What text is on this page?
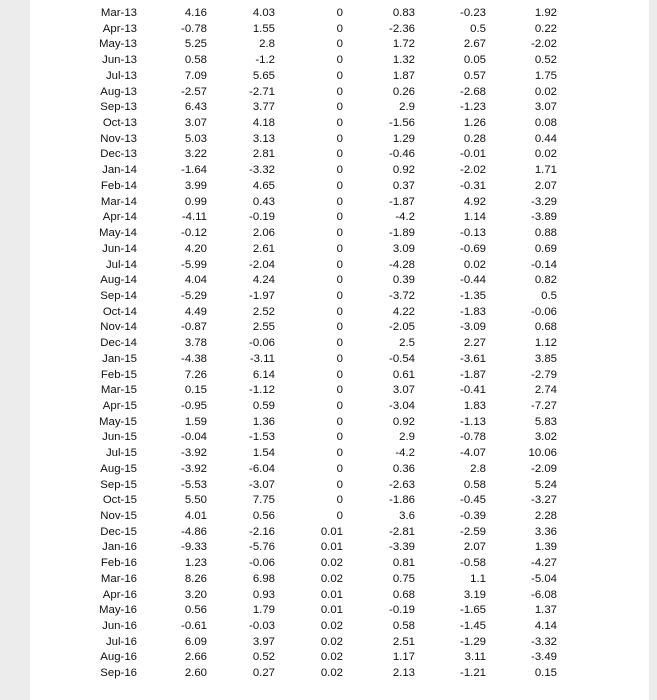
Mar-13	4.16	4.03	0	0.83	-0.23	1.92	
Apr-13	-0.78	1.55	0	-2.36	0.5	0.22	
May-13	5.25	2.8	0	1.72	2.67	-2.02	
Jun-13	0.58	-1.2	0	1.32	0.05	0.52	
Jul-13	7.09	5.65	0	1.87	0.57	1.75	
Aug-13	-2.57	-2.71	0	0.26	-2.68	0.02	
Sep-13	6.43	3.77	0	2.9	-1.23	3.07	
Oct-13	3.07	4.18	0	-1.56	1.26	0.08	
Nov-13	5.03	3.13	0	1.29	0.28	0.44	
Dec-13	3.22	2.81	0	-0.46	-0.01	0.02	
Jan-14	-1.64	-3.32	0	0.92	-2.02	1.71	
Feb-14	3.99	4.65	0	0.37	-0.31	2.07	
Mar-14	0.99	0.43	0	-1.87	4.92	-3.29	
Apr-14	-4.11	-0.19	0	-4.2	1.14	-3.89	
May-14	-0.12	2.06	0	-1.89	-0.13	0.88	
Jun-14	4.20	2.61	0	3.09	-0.69	0.69	
Jul-14	-5.99	-2.04	0	-4.28	0.02	-0.14	
Aug-14	4.04	4.24	0	0.39	-0.44	0.82	
Sep-14	-5.29	-1.97	0	-3.72	-1.35	0.5	
Oct-14	4.49	2.52	0	4.22	-1.83	-0.06	
Nov-14	-0.87	2.55	0	-2.05	-3.09	0.68	
Dec-14	3.78	-0.06	0	2.5	2.27	1.12	
Jan-15	-4.38	-3.11	0	-0.54	-3.61	3.85	
Feb-15	7.26	6.14	0	0.61	-1.87	-2.79	
Mar-15	0.15	-1.12	0	3.07	-0.41	2.74	
Apr-15	-0.95	0.59	0	-3.04	1.83	-7.27	
May-15	1.59	1.36	0	0.92	-1.13	5.83	
Jun-15	-0.04	-1.53	0	2.9	-0.78	3.02	
Jul-15	-3.92	1.54	0	-4.2	-4.07	10.06	
Aug-15	-3.92	-6.04	0	0.36	2.8	-2.09	
Sep-15	-5.53	-3.07	0	-2.63	0.58	5.24	
Oct-15	5.50	7.75	0	-1.86	-0.45	-3.27	
Nov-15	4.01	0.56	0	3.6	-0.39	2.28	
Dec-15	-4.86	-2.16	0.01	-2.81	-2.59	3.36	
Jan-16	-9.33	-5.76	0.01	-3.39	2.07	1.39	
Feb-16	1.23	-0.06	0.02	0.81	-0.58	-4.27	
Mar-16	8.26	6.98	0.02	0.75	1.1	-5.04	
Apr-16	3.20	0.93	0.01	0.68	3.19	-6.08	
May-16	0.56	1.79	0.01	-0.19	-1.65	1.37	
Jun-16	-0.61	-0.03	0.02	0.58	-1.45	4.14	
Jul-16	6.09	3.97	0.02	2.51	-1.29	-3.32	
Aug-16	2.66	0.52	0.02	1.17	3.11	-3.49	
Sep-16	2.60	0.27	0.02	2.13	-1.21	0.15	
